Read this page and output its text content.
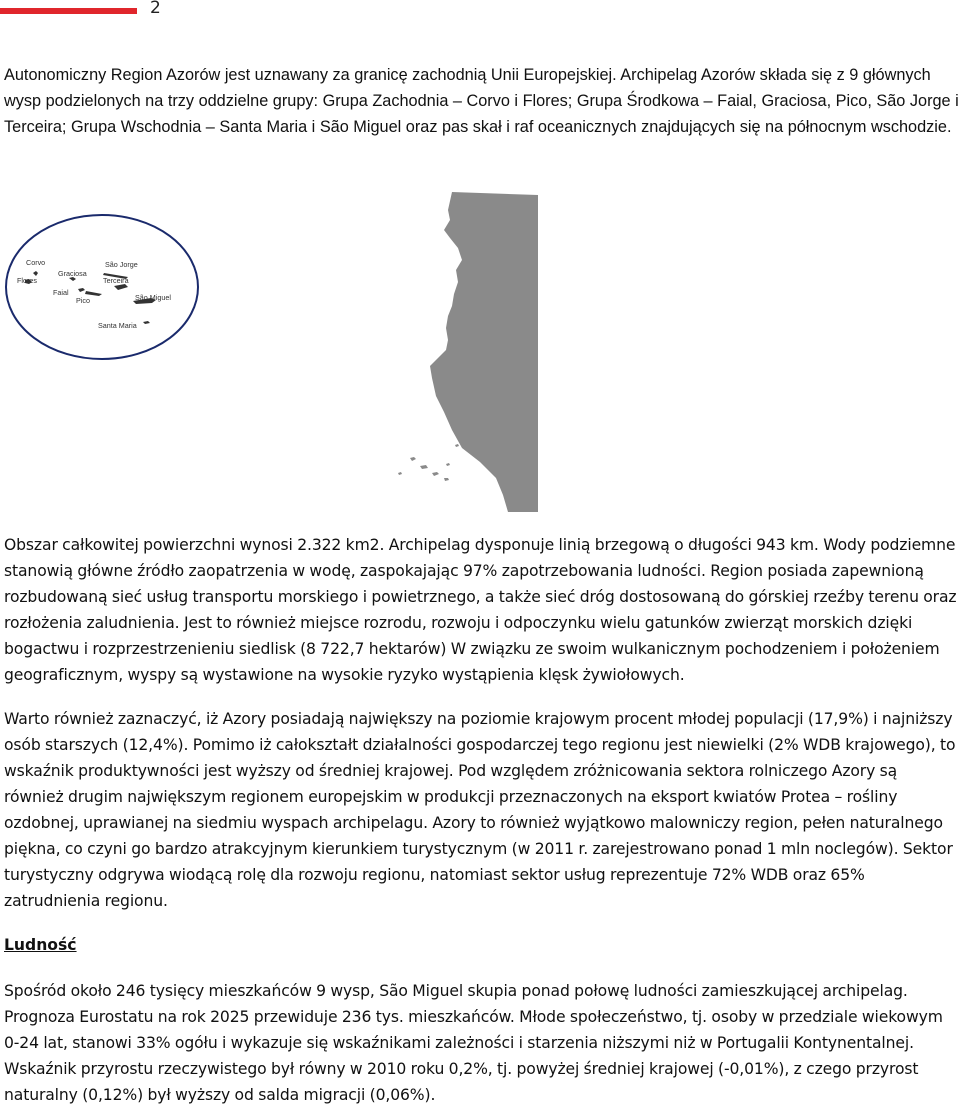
2

Autonomiczny Region Azorów jest uznawany za granicę zachodnią Unii Europejskiej. Archipelag Azorów składa się z 9 głównych wysp podzielonych na trzy oddzielne grupy: Grupa Zachodnia – Corvo i Flores; Grupa Środkowa – Faial, Graciosa, Pico, São Jorge i Terceira; Grupa Wschodnia – Santa Maria i São Miguel oraz pas skał i raf oceanicznych znajdujących się na północnym wschodzie.

Corvo
Flores
Graciosa
São Jorge
Terceira
Faial
Pico	São Miguel
Santa Maria

Obszar całkowitej powierzchni wynosi 2.322 km2. Archipelag dysponuje linią brzegową o długości 943 km. Wody podziemne stanowią główne źródło zaopatrzenia w wodę, zaspokajając 97% zapotrzebowania ludności. Region posiada zapewnioną rozbudowaną sieć usług transportu morskiego i powietrznego, a także sieć dróg dostosowaną do górskiej rzeźby terenu oraz rozłożenia zaludnienia. Jest to również miejsce rozrodu, rozwoju i odpoczynku wielu gatunków zwierząt morskich dzięki bogactwu i rozprzestrzenieniu siedlisk (8 722,7 hektarów) W związku ze swoim wulkanicznym pochodzeniem i położeniem geograficznym, wyspy są wystawione na wysokie ryzyko wystąpienia klęsk żywiołowych.

Warto również zaznaczyć, iż Azory posiadają największy na poziomie krajowym procent młodej populacji (17,9%) i najniższy osób starszych (12,4%). Pomimo iż całokształt działalności gospodarczej tego regionu jest niewielki (2% WDB krajowego), to wskaźnik produktywności jest wyższy od średniej krajowej. Pod względem zróżnicowania sektora rolniczego Azory są również drugim największym regionem europejskim w produkcji przeznaczonych na eksport kwiatów Protea – rośliny ozdobnej, uprawianej na siedmiu wyspach archipelagu. Azory to również wyjątkowo malowniczy region, pełen naturalnego piękna, co czyni go bardzo atrakcyjnym kierunkiem turystycznym (w 2011 r. zarejestrowano ponad 1 mln noclegów). Sektor turystyczny odgrywa wiodącą rolę dla rozwoju regionu, natomiast sektor usług reprezentuje 72% WDB oraz 65% zatrudnienia regionu.

Ludność

Spośród około 246 tysięcy mieszkańców 9 wysp, São Miguel skupia ponad połowę ludności zamieszkującej archipelag. Prognoza Eurostatu na rok 2025 przewiduje 236 tys. mieszkańców. Młode społeczeństwo, tj. osoby w przedziale wiekowym 0-24 lat, stanowi 33% ogółu i wykazuje się wskaźnikami zależności i starzenia niższymi niż w Portugalii Kontynentalnej. Wskaźnik przyrostu rzeczywistego był równy w 2010 roku 0,2%, tj. powyżej średniej krajowej (-0,01%), z czego przyrost naturalny (0,12%) był wyższy od salda migracji (0,06%).
